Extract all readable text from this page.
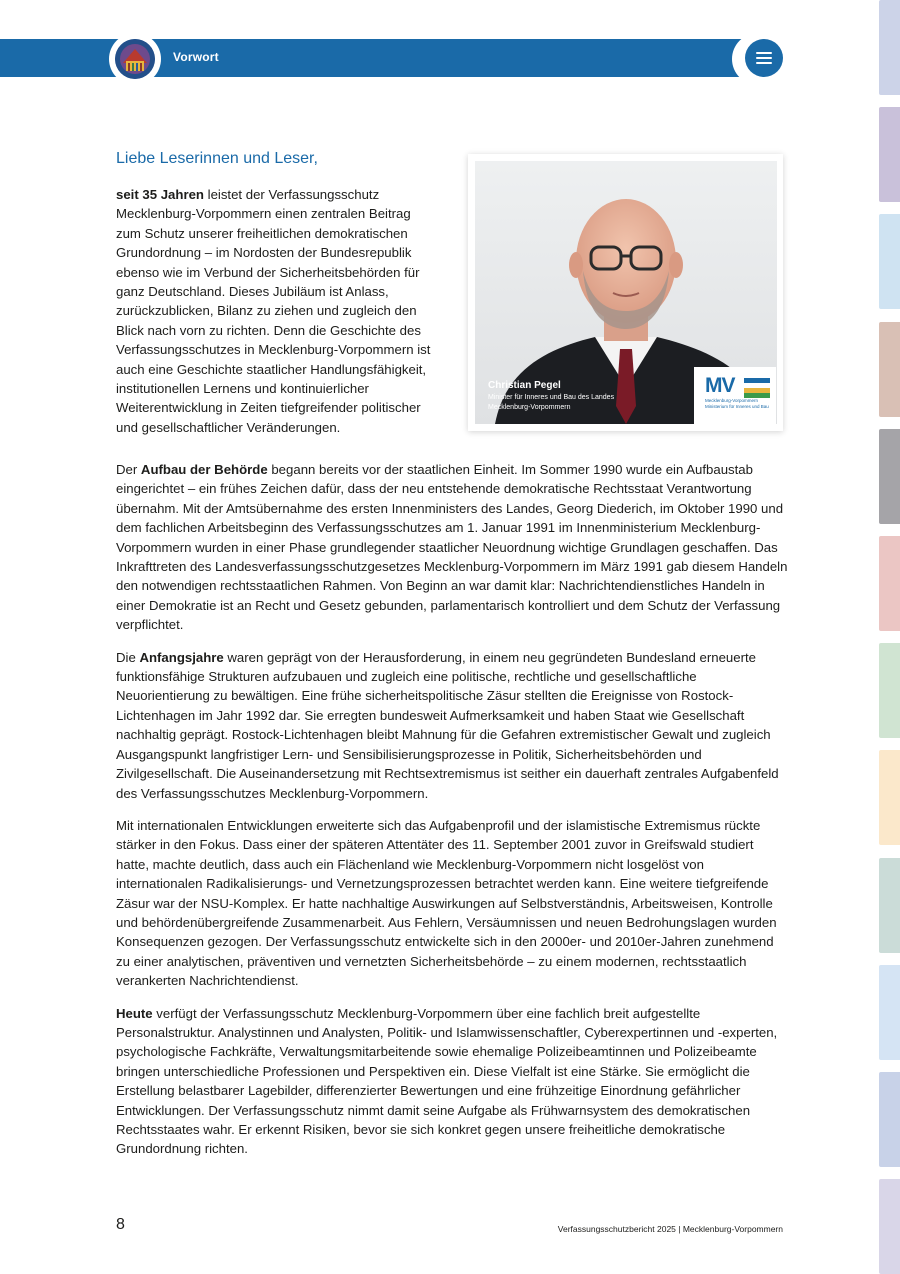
Vorwort
Liebe Leserinnen und Leser,

seit 35 Jahren leistet der Verfassungsschutz Mecklenburg-Vorpommern einen zentralen Beitrag zum Schutz unserer freiheitlichen demokratischen Grundordnung – im Nordosten der Bundesrepublik ebenso wie im Verbund der Sicherheitsbehörden für ganz Deutschland. Dieses Jubiläum ist Anlass, zurückzublicken, Bilanz zu ziehen und zugleich den Blick nach vorn zu richten. Denn die Geschichte des Verfassungsschutzes in Mecklenburg-Vorpommern ist auch eine Geschichte staatlicher Handlungsfähigkeit, institutionellen Lernens und kontinuierlicher Weiterentwicklung in Zeiten tiefgreifender politischer und gesellschaftlicher Veränderungen.

Christian Pegel
Minister für Inneres und Bau des Landes Mecklenburg-Vorpommern
MV
Mecklenburg-Vorpommern Ministerium für Inneres und Bau

Der Aufbau der Behörde begann bereits vor der staatlichen Einheit. Im Sommer 1990 wurde ein Aufbaustab eingerichtet – ein frühes Zeichen dafür, dass der neu entstehende demokratische Rechtsstaat Verantwortung übernahm. Mit der Amtsübernahme des ersten Innenministers des Landes, Georg Diederich, im Oktober 1990 und dem fachlichen Arbeitsbeginn des Verfassungsschutzes am 1. Januar 1991 im Innenministerium Mecklenburg-Vorpommern wurden in einer Phase grundlegender staatlicher Neuordnung wichtige Grundlagen geschaffen. Das Inkrafttreten des Landesverfassungsschutzgesetzes Mecklenburg-Vorpommern im März 1991 gab diesem Handeln den notwendigen rechtsstaatlichen Rahmen. Von Beginn an war damit klar: Nachrichtendienstliches Handeln in einer Demokratie ist an Recht und Gesetz gebunden, parlamentarisch kontrolliert und dem Schutz der Verfassung verpflichtet.

Die Anfangsjahre waren geprägt von der Herausforderung, in einem neu gegründeten Bundesland erneuerte funktionsfähige Strukturen aufzubauen und zugleich eine politische, rechtliche und gesellschaftliche Neuorientierung zu bewältigen. Eine frühe sicherheitspolitische Zäsur stellten die Ereignisse von Rostock-Lichtenhagen im Jahr 1992 dar. Sie erregten bundesweit Aufmerksamkeit und haben Staat wie Gesellschaft nachhaltig geprägt. Rostock-Lichtenhagen bleibt Mahnung für die Gefahren extremistischer Gewalt und zugleich Ausgangspunkt langfristiger Lern- und Sensibilisierungsprozesse in Politik, Sicherheitsbehörden und Zivilgesellschaft. Die Auseinandersetzung mit Rechtsextremismus ist seither ein dauerhaft zentrales Aufgabenfeld des Verfassungsschutzes Mecklenburg-Vorpommern.

Mit internationalen Entwicklungen erweiterte sich das Aufgabenprofil und der islamistische Extremismus rückte stärker in den Fokus. Dass einer der späteren Attentäter des 11. September 2001 zuvor in Greifswald studiert hatte, machte deutlich, dass auch ein Flächenland wie Mecklenburg-Vorpommern nicht losgelöst von internationalen Radikalisierungs- und Vernetzungsprozessen betrachtet werden kann. Eine weitere tiefgreifende Zäsur war der NSU-Komplex. Er hatte nachhaltige Auswirkungen auf Selbstverständnis, Arbeitsweisen, Kontrolle und behördenübergreifende Zusammenarbeit. Aus Fehlern, Versäumnissen und neuen Bedrohungslagen wurden Konsequenzen gezogen. Der Verfassungsschutz entwickelte sich in den 2000er- und 2010er-Jahren zunehmend zu einer analytischen, präventiven und vernetzten Sicherheitsbehörde – zu einem modernen, rechtsstaatlich verankerten Nachrichtendienst.

Heute verfügt der Verfassungsschutz Mecklenburg-Vorpommern über eine fachlich breit aufgestellte Personalstruktur. Analystinnen und Analysten, Politik- und Islamwissenschaftler, Cyberexpertinnen und -experten, psychologische Fachkräfte, Verwaltungsmitarbeitende sowie ehemalige Polizeibeamtinnen und Polizeibeamte bringen unterschiedliche Professionen und Perspektiven ein. Diese Vielfalt ist eine Stärke. Sie ermöglicht die Erstellung belastbarer Lagebilder, differenzierter Bewertungen und eine frühzeitige Einordnung gefährlicher Entwicklungen. Der Verfassungsschutz nimmt damit seine Aufgabe als Frühwarnsystem des demokratischen Rechtsstaates wahr. Er erkennt Risiken, bevor sie sich konkret gegen unsere freiheitliche demokratische Grundordnung richten.

8	Verfassungsschutzbericht 2025 | Mecklenburg-Vorpommern
